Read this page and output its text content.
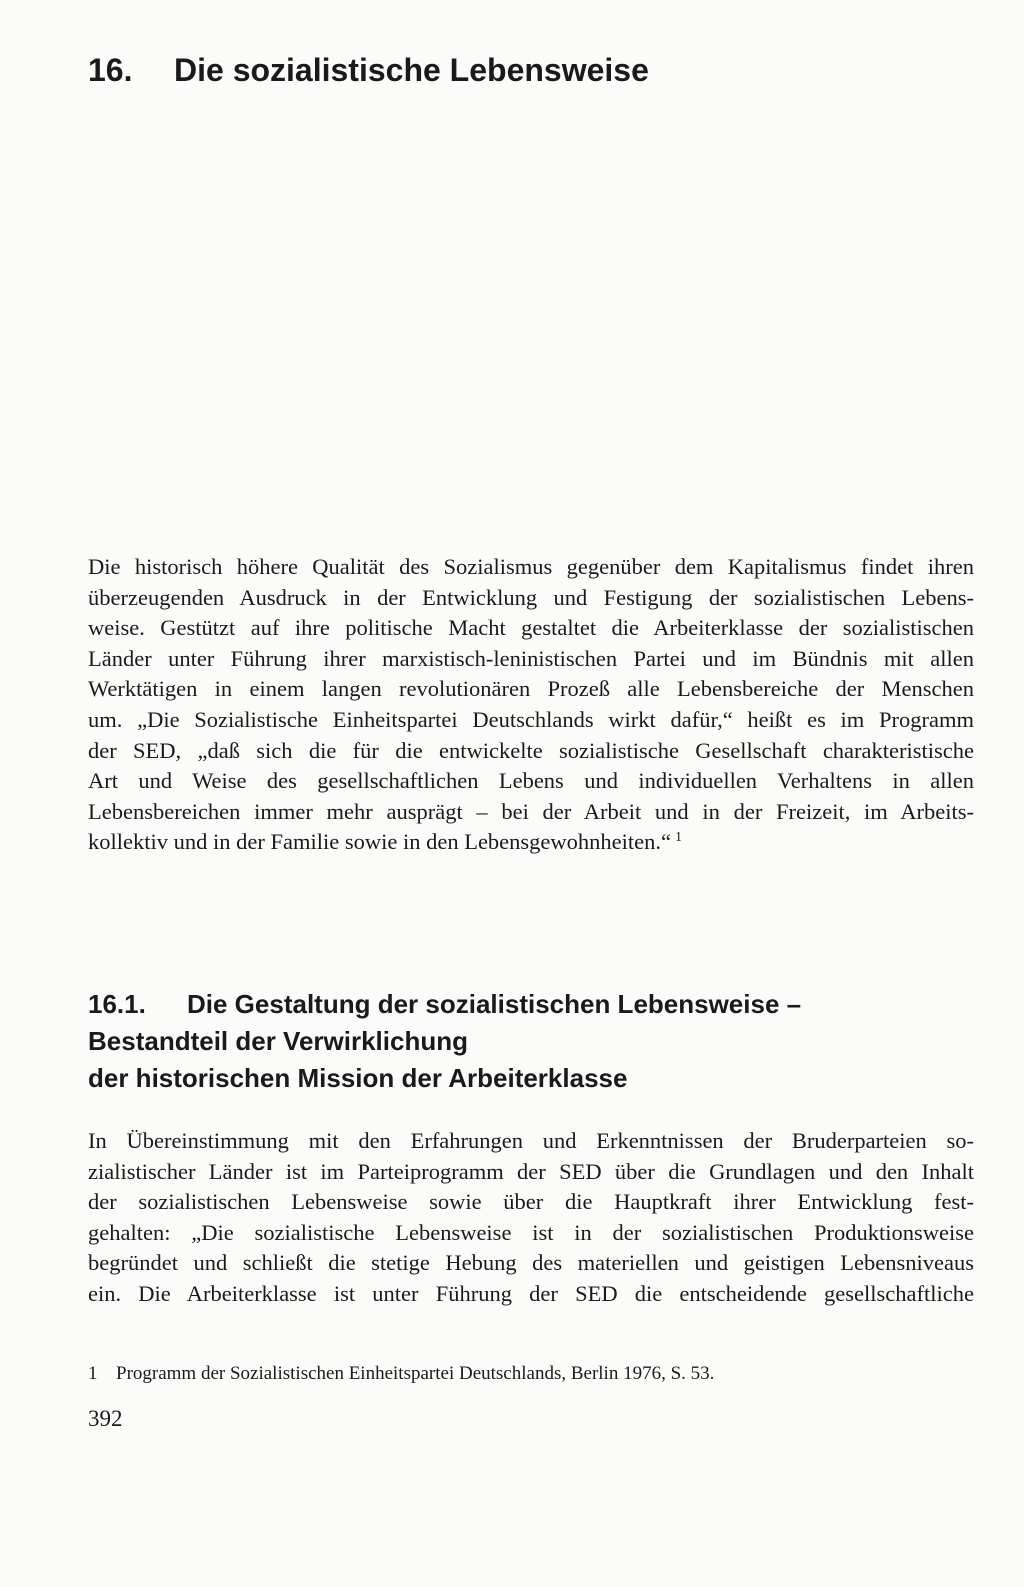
16. Die sozialistische Lebensweise

Die historisch höhere Qualität des Sozialismus gegenüber dem Kapitalismus findet ihren
überzeugenden Ausdruck in der Entwicklung und Festigung der sozialistischen Lebens-
weise. Gestützt auf ihre politische Macht gestaltet die Arbeiterklasse der sozialistischen
Länder unter Führung ihrer marxistisch-leninistischen Partei und im Bündnis mit allen
Werktätigen in einem langen revolutionären Prozeß alle Lebensbereiche der Menschen
um. „Die Sozialistische Einheitspartei Deutschlands wirkt dafür,“ heißt es im Programm
der SED, „daß sich die für die entwickelte sozialistische Gesellschaft charakteristische
Art und Weise des gesellschaftlichen Lebens und individuellen Verhaltens in allen
Lebensbereichen immer mehr ausprägt – bei der Arbeit und in der Freizeit, im Arbeits-
kollektiv und in der Familie sowie in den Lebensgewohnheiten.“ $^1$

16.1. Die Gestaltung der sozialistischen Lebensweise –
Bestandteil der Verwirklichung
der historischen Mission der Arbeiterklasse

In Übereinstimmung mit den Erfahrungen und Erkenntnissen der Bruderparteien so-
zialistischer Länder ist im Parteiprogramm der SED über die Grundlagen und den Inhalt
der sozialistischen Lebensweise sowie über die Hauptkraft ihrer Entwicklung fest-
gehalten: „Die sozialistische Lebensweise ist in der sozialistischen Produktionsweise
begründet und schließt die stetige Hebung des materiellen und geistigen Lebensniveaus
ein. Die Arbeiterklasse ist unter Führung der SED die entscheidende gesellschaftliche

1 Programm der Sozialistischen Einheitspartei Deutschlands, Berlin 1976, S. 53.

392
